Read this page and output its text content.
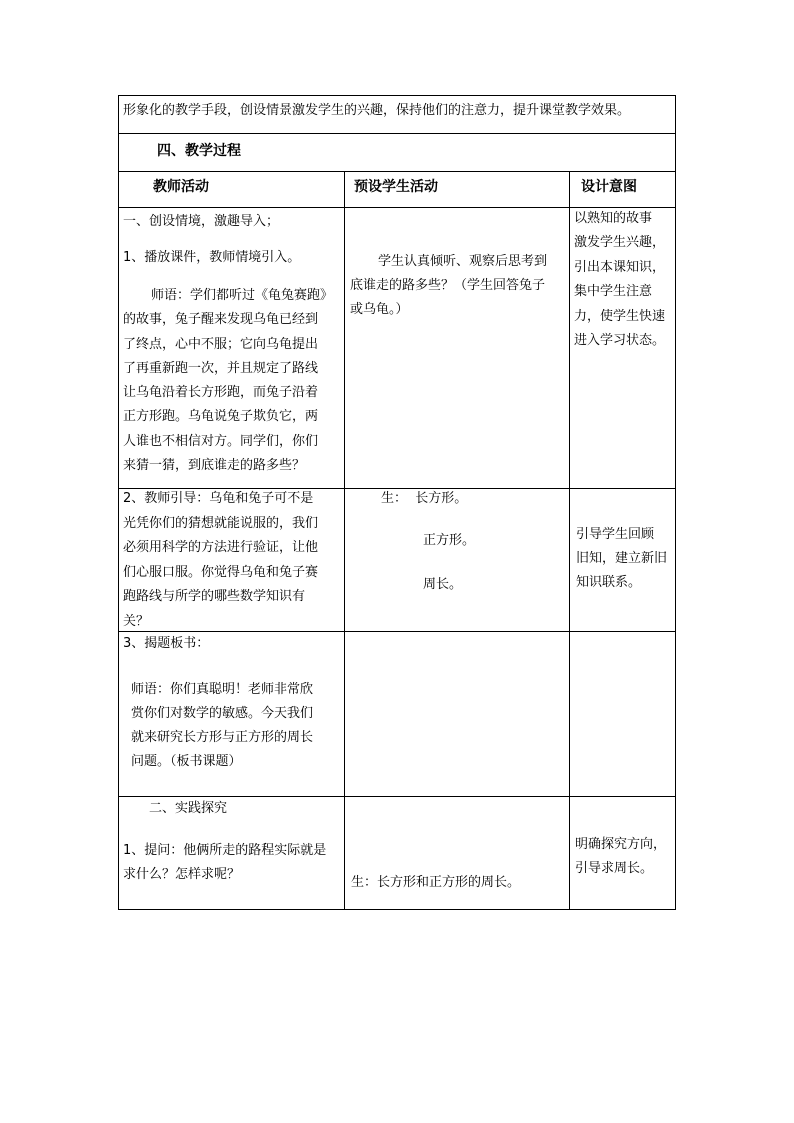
形象化的教学手段，创设情景激发学生的兴趣，保持他们的注意力，提升课堂教学效果。
四、教学过程
教师活动	预设学生活动	设计意图
一、创设情境，激趣导入；
1、播放课件，教师情境引入。
师语：学们都听过《龟兔赛跑》
的故事，兔子醒来发现乌龟已经到
了终点，心中不服；它向乌龟提出
了再重新跑一次，并且规定了路线
让乌龟沿着长方形跑，而兔子沿着
正方形跑。乌龟说兔子欺负它，两
人谁也不相信对方。同学们，你们
来猜一猜，到底谁走的路多些？
学生认真倾听、观察后思考到
底谁走的路多些？（学生回答兔子
或乌龟。）
以熟知的故事
激发学生兴趣，
引出本课知识，
集中学生注意
力，使学生快速
进入学习状态。
2、教师引导：乌龟和兔子可不是
光凭你们的猜想就能说服的，我们
必须用科学的方法进行验证，让他
们心服口服。你觉得乌龟和兔子赛
跑路线与所学的哪些数学知识有
关？
生：  长方形。
正方形。
周长。
引导学生回顾
旧知，建立新旧
知识联系。
3、揭题板书：
师语：你们真聪明！老师非常欣
赏你们对数学的敏感。今天我们
就来研究长方形与正方形的周长
问题。（板书课题）
二、实践探究
1、提问：他俩所走的路程实际就是
求什么？怎样求呢？
生：长方形和正方形的周长。
明确探究方向，
引导求周长。
